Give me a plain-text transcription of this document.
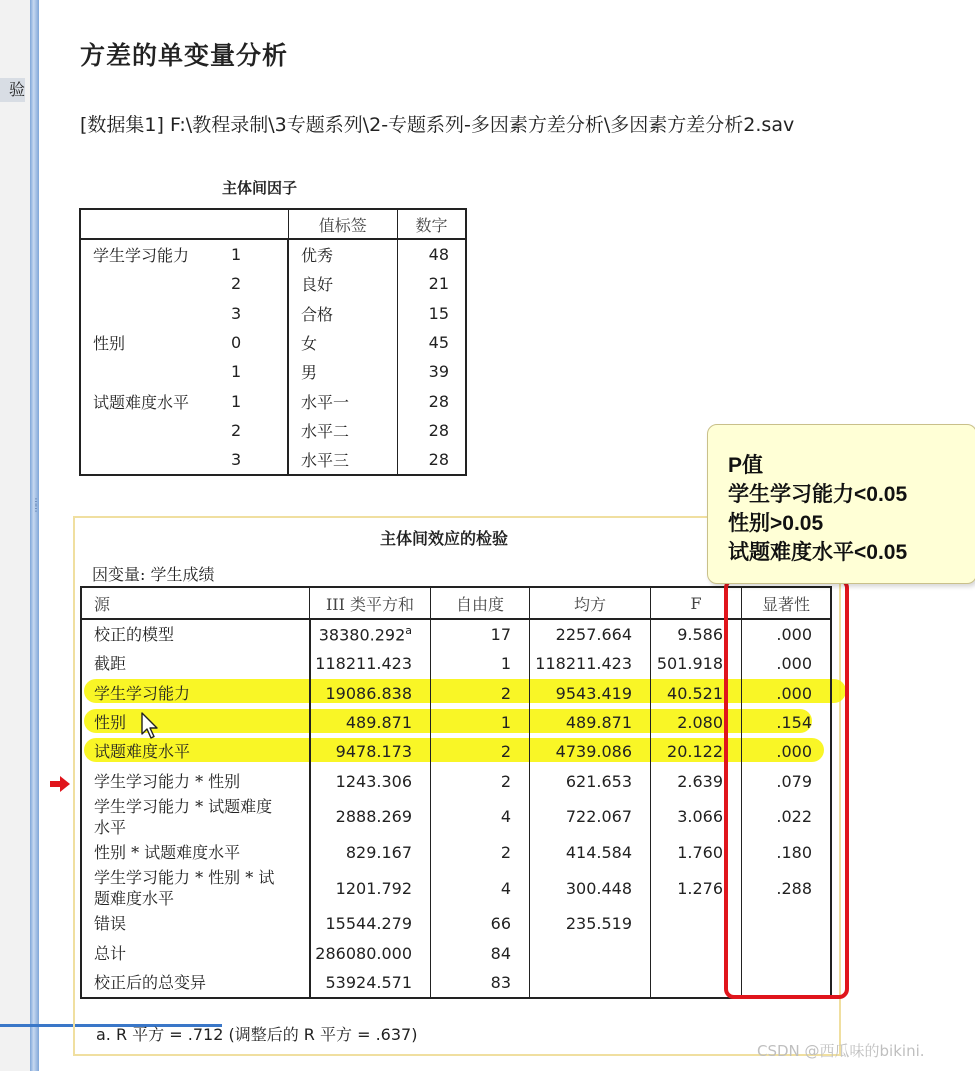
验
⋮
⋮
方差的单变量分析
[数据集1] F:\教程录制\3专题系列\2-专题系列-多因素方差分析\多因素方差分析2.sav
主体间因子
		值标签	数字
学生学习能力	1	优秀	48
	2	良好	21
	3	合格	15
性别	0	女	45
	1	男	39
试题难度水平	1	水平一	28
	2	水平二	28
	3	水平三	28
主体间效应的检验
因变量: 学生成绩
源	III 类平方和	自由度	均方	F	显著性
校正的模型	38380.292$^a$	17	2257.664	9.586	.000
截距	118211.423	1	118211.423	501.918	.000
学生学习能力	19086.838	2	9543.419	40.521	.000
性别	489.871	1	489.871	2.080	.154
试题难度水平	9478.173	2	4739.086	20.122	.000
学生学习能力 * 性别	1243.306	2	621.653	2.639	.079

学生学习能力 * 试题难度
水平	2888.269	4	722.067	3.066	.022
性别 * 试题难度水平	829.167	2	414.584	1.760	.180

学生学习能力 * 性别 * 试
题难度水平	1201.792	4	300.448	1.276	.288
错误	15544.279	66	235.519		
总计	286080.000	84			
校正后的总变异	53924.571	83			
a. R 平方 = .712 (调整后的 R 平方 = .637)
P值
学生学习能力<0.05
性别>0.05
试题难度水平<0.05
CSDN @西瓜味的bikini.
